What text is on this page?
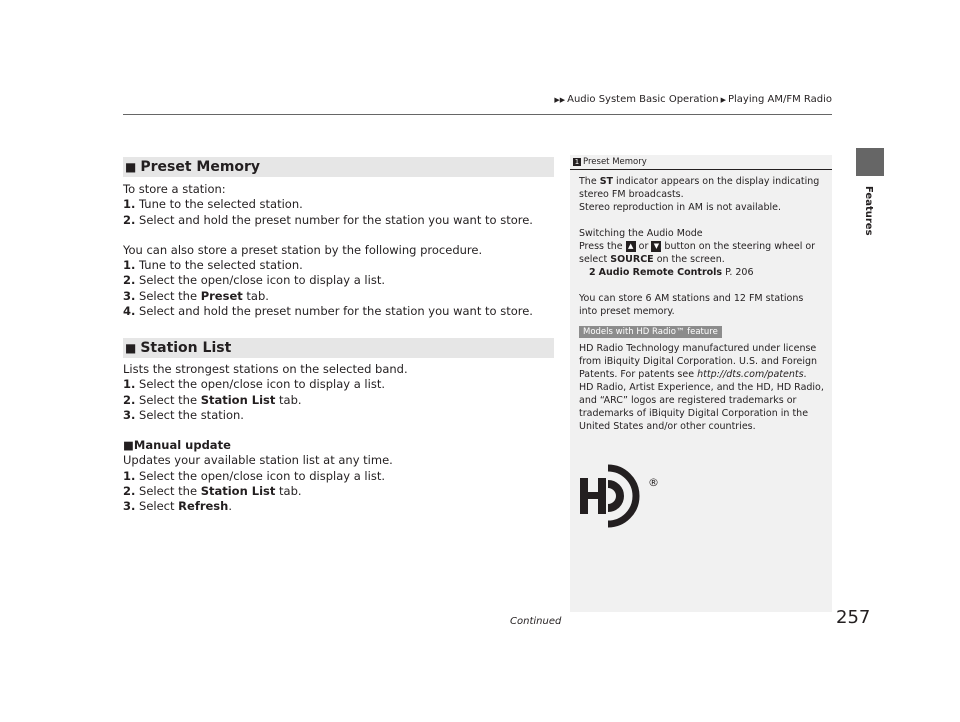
▶▶ Audio System Basic Operation ▶ Playing AM/FM Radio
Features
■ Preset Memory

To store a station:

1. Tune to the selected station.

2. Select and hold the preset number for the station you want to store.

You can also store a preset station by the following procedure.

1. Tune to the selected station.

2. Select the open/close icon to display a list.

3. Select the Preset tab.

4. Select and hold the preset number for the station you want to store.

■ Station List

Lists the strongest stations on the selected band.

1. Select the open/close icon to display a list.

2. Select the Station List tab.

3. Select the station.

■Manual update

Updates your available station list at any time.

1. Select the open/close icon to display a list.

2. Select the Station List tab.

3. Select Refresh.

1 Preset Memory

The ST indicator appears on the display indicating stereo FM broadcasts.

Stereo reproduction in AM is not available.

Switching the Audio Mode

Press the ▲ or ▼ button on the steering wheel or

select SOURCE on the screen.

2 Audio Remote Controls P. 206

You can store 6 AM stations and 12 FM stations into preset memory.

Models with HD Radio™ feature

HD Radio Technology manufactured under license from iBiquity Digital Corporation. U.S. and Foreign Patents. For patents see http://dts.com/patents. HD Radio, Artist Experience, and the HD, HD Radio, and “ARC” logos are registered trademarks or trademarks of iBiquity Digital Corporation in the United States and/or other countries.

®
Continued	257
